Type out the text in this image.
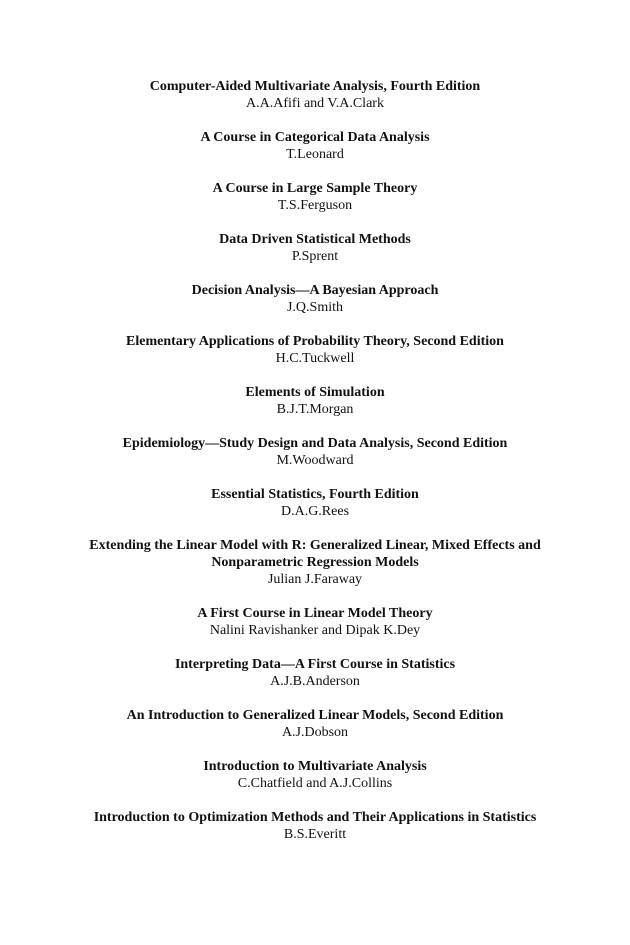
Computer-Aided Multivariate Analysis, Fourth Edition
A.A.Afifi and V.A.Clark
A Course in Categorical Data Analysis
T.Leonard
A Course in Large Sample Theory
T.S.Ferguson
Data Driven Statistical Methods
P.Sprent
Decision Analysis—A Bayesian Approach
J.Q.Smith
Elementary Applications of Probability Theory, Second Edition
H.C.Tuckwell
Elements of Simulation
B.J.T.Morgan
Epidemiology—Study Design and Data Analysis, Second Edition
M.Woodward
Essential Statistics, Fourth Edition
D.A.G.Rees
Extending the Linear Model with R: Generalized Linear, Mixed Effects and Nonparametric Regression Models
Julian J.Faraway
A First Course in Linear Model Theory
Nalini Ravishanker and Dipak K.Dey
Interpreting Data—A First Course in Statistics
A.J.B.Anderson
An Introduction to Generalized Linear Models, Second Edition
A.J.Dobson
Introduction to Multivariate Analysis
C.Chatfield and A.J.Collins
Introduction to Optimization Methods and Their Applications in Statistics
B.S.Everitt
